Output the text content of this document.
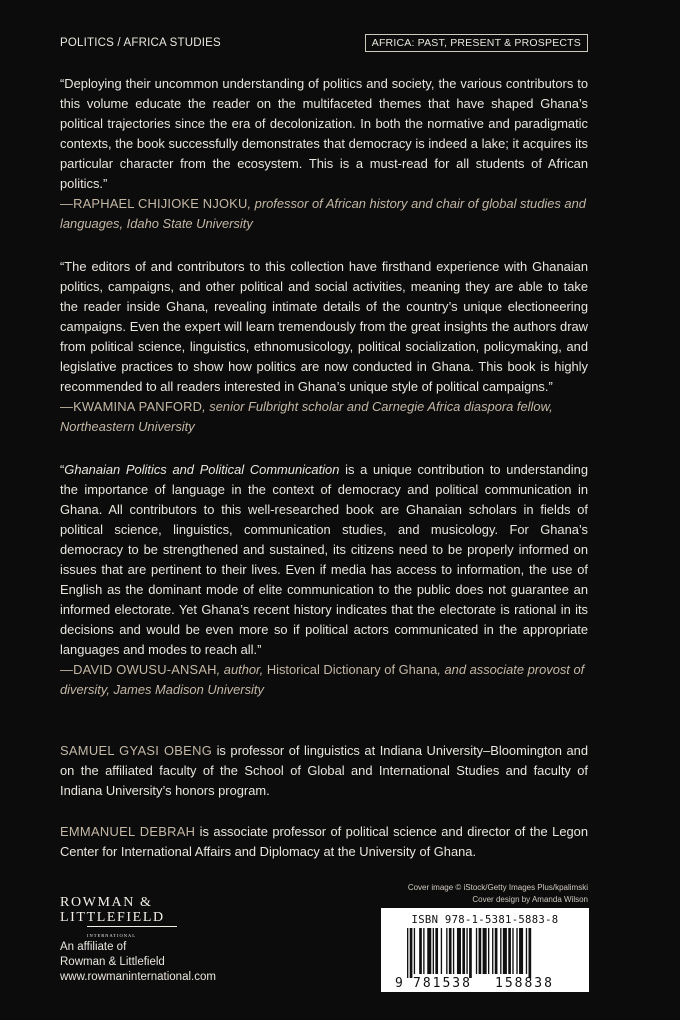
POLITICS / AFRICA STUDIES	AFRICA: PAST, PRESENT & PROSPECTS

“Deploying their uncommon understanding of politics and society, the various contributors to this volume educate the reader on the multifaceted themes that have shaped Ghana’s political trajectories since the era of decolonization. In both the normative and paradigmatic contexts, the book successfully demonstrates that democracy is indeed a lake; it acquires its particular character from the ecosystem. This is a must-read for all students of African politics.”

—RAPHAEL CHIJIOKE NJOKU, professor of African history and chair of global studies and languages, Idaho State University

“The editors of and contributors to this collection have firsthand experience with Ghanaian politics, campaigns, and other political and social activities, meaning they are able to take the reader inside Ghana, revealing intimate details of the country’s unique electioneering campaigns. Even the expert will learn tremendously from the great insights the authors draw from political science, linguistics, ethnomusicology, political socialization, policymaking, and legislative practices to show how politics are now conducted in Ghana. This book is highly recommended to all readers interested in Ghana’s unique style of political campaigns.”

—KWAMINA PANFORD, senior Fulbright scholar and Carnegie Africa diaspora fellow, Northeastern University

“Ghanaian Politics and Political Communication is a unique contribution to understanding the importance of language in the context of democracy and political communication in Ghana. All contributors to this well-researched book are Ghanaian scholars in fields of political science, linguistics, communication studies, and musicology. For Ghana’s democracy to be strengthened and sustained, its citizens need to be properly informed on issues that are pertinent to their lives. Even if media has access to information, the use of English as the dominant mode of elite communication to the public does not guarantee an informed electorate. Yet Ghana’s recent history indicates that the electorate is rational in its decisions and would be even more so if political actors communicated in the appropriate languages and modes to reach all.”

—DAVID OWUSU-ANSAH, author, Historical Dictionary of Ghana, and associate provost of diversity, James Madison University

SAMUEL GYASI OBENG is professor of linguistics at Indiana University–Bloomington and on the affiliated faculty of the School of Global and International Studies and faculty of Indiana University’s honors program.

EMMANUEL DEBRAH is associate professor of political science and director of the Legon Center for International Affairs and Diplomacy at the University of Ghana.

ROWMAN &
LITTLEFIELD
INTERNATIONAL
An affiliate of
Rowman & Littlefield
www.rowmaninternational.com
Cover image © iStock/Getty Images Plus/kpalimski
Cover design by Amanda Wilson
ISBN 978-1-5381-5883-8
9 781538 158838
